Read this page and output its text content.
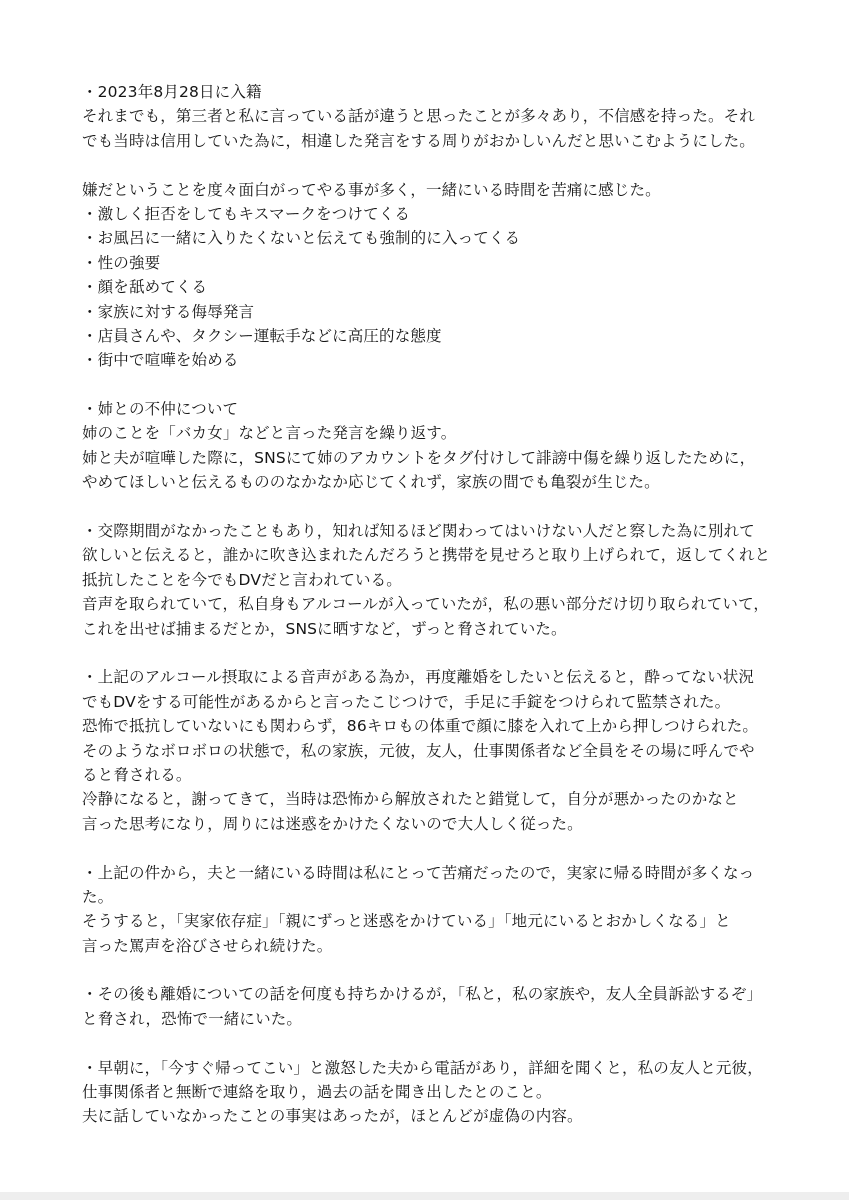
・2023年8月28日に入籍
それまでも，第三者と私に言っている話が違うと思ったことが多々あり，不信感を持った。それ
でも当時は信用していた為に，相違した発言をする周りがおかしいんだと思いこむようにした。
嫌だということを度々面白がってやる事が多く，一緒にいる時間を苦痛に感じた。
・激しく拒否をしてもキスマークをつけてくる
・お風呂に一緒に入りたくないと伝えても強制的に入ってくる
・性の強要
・顔を舐めてくる
・家族に対する侮辱発言
・店員さんや、タクシー運転手などに高圧的な態度
・街中で喧嘩を始める
・姉との不仲について
姉のことを「バカ女」などと言った発言を繰り返す。
姉と夫が喧嘩した際に，SNSにて姉のアカウントをタグ付けして誹謗中傷を繰り返したために，
やめてほしいと伝えるもののなかなか応じてくれず，家族の間でも亀裂が生じた。
・交際期間がなかったこともあり，知れば知るほど関わってはいけない人だと察した為に別れて
欲しいと伝えると，誰かに吹き込まれたんだろうと携帯を見せろと取り上げられて，返してくれと
抵抗したことを今でもDVだと言われている。
音声を取られていて，私自身もアルコールが入っていたが，私の悪い部分だけ切り取られていて，
これを出せば捕まるだとか，SNSに晒すなど，ずっと脅されていた。
・上記のアルコール摂取による音声がある為か，再度離婚をしたいと伝えると，酔ってない状況
でもDVをする可能性があるからと言ったこじつけで，手足に手錠をつけられて監禁された。
恐怖で抵抗していないにも関わらず，86キロもの体重で顔に膝を入れて上から押しつけられた。
そのようなボロボロの状態で，私の家族，元彼，友人，仕事関係者など全員をその場に呼んでや
ると脅される。
冷静になると，謝ってきて，当時は恐怖から解放されたと錯覚して，自分が悪かったのかなと
言った思考になり，周りには迷惑をかけたくないので大人しく従った。
・上記の件から，夫と一緒にいる時間は私にとって苦痛だったので，実家に帰る時間が多くなっ
た。
そうすると，「実家依存症」「親にずっと迷惑をかけている」「地元にいるとおかしくなる」と
言った罵声を浴びさせられ続けた。
・その後も離婚についての話を何度も持ちかけるが，「私と，私の家族や，友人全員訴訟するぞ」
と脅され，恐怖で一緒にいた。
・早朝に，「今すぐ帰ってこい」と激怒した夫から電話があり，詳細を聞くと，私の友人と元彼，
仕事関係者と無断で連絡を取り，過去の話を聞き出したとのこと。
夫に話していなかったことの事実はあったが，ほとんどが虚偽の内容。
